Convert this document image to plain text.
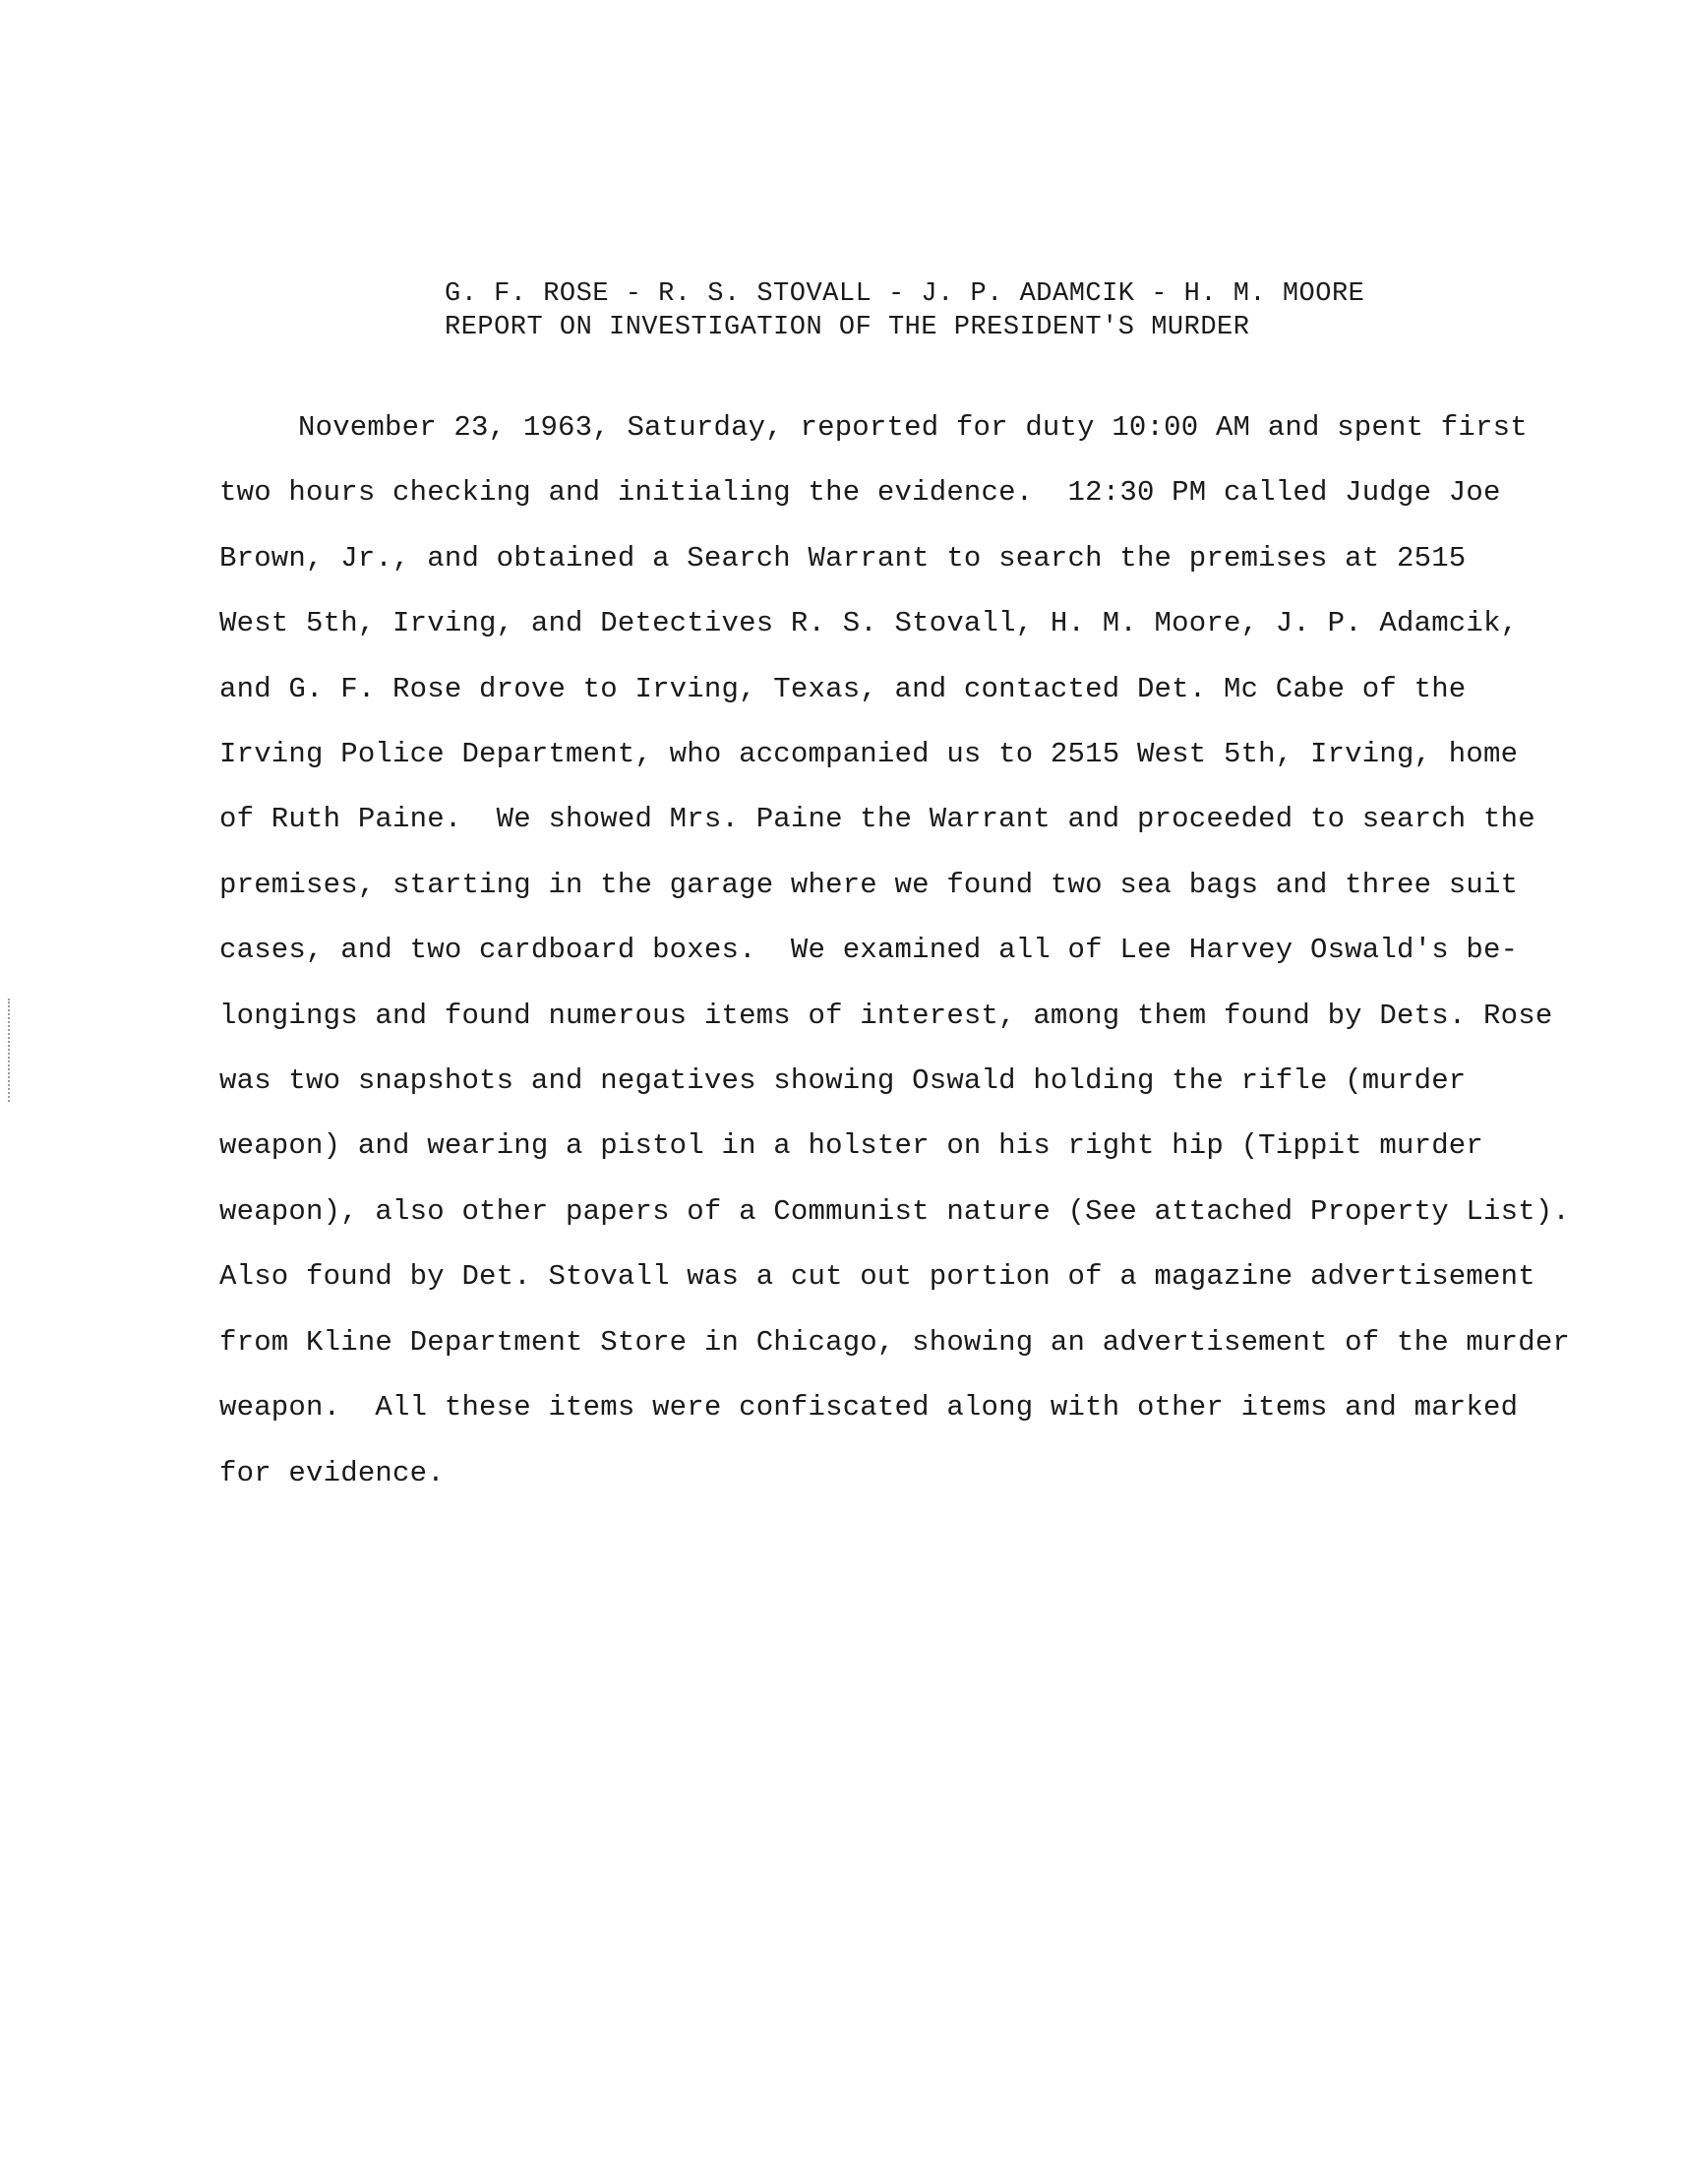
G. F. ROSE - R. S. STOVALL - J. P. ADAMCIK - H. M. MOORE

REPORT ON INVESTIGATION OF THE PRESIDENT'S MURDER

November 23, 1963, Saturday, reported for duty 10:00 AM and spent first

two hours checking and initialing the evidence.  12:30 PM called Judge Joe

Brown, Jr., and obtained a Search Warrant to search the premises at 2515

West 5th, Irving, and Detectives R. S. Stovall, H. M. Moore, J. P. Adamcik,

and G. F. Rose drove to Irving, Texas, and contacted Det. Mc Cabe of the

Irving Police Department, who accompanied us to 2515 West 5th, Irving, home

of Ruth Paine.  We showed Mrs. Paine the Warrant and proceeded to search the

premises, starting in the garage where we found two sea bags and three suit

cases, and two cardboard boxes.  We examined all of Lee Harvey Oswald's be-

longings and found numerous items of interest, among them found by Dets. Rose

was two snapshots and negatives showing Oswald holding the rifle (murder

weapon) and wearing a pistol in a holster on his right hip (Tippit murder

weapon), also other papers of a Communist nature (See attached Property List).

Also found by Det. Stovall was a cut out portion of a magazine advertisement

from Kline Department Store in Chicago, showing an advertisement of the murder

weapon.  All these items were confiscated along with other items and marked

for evidence.
